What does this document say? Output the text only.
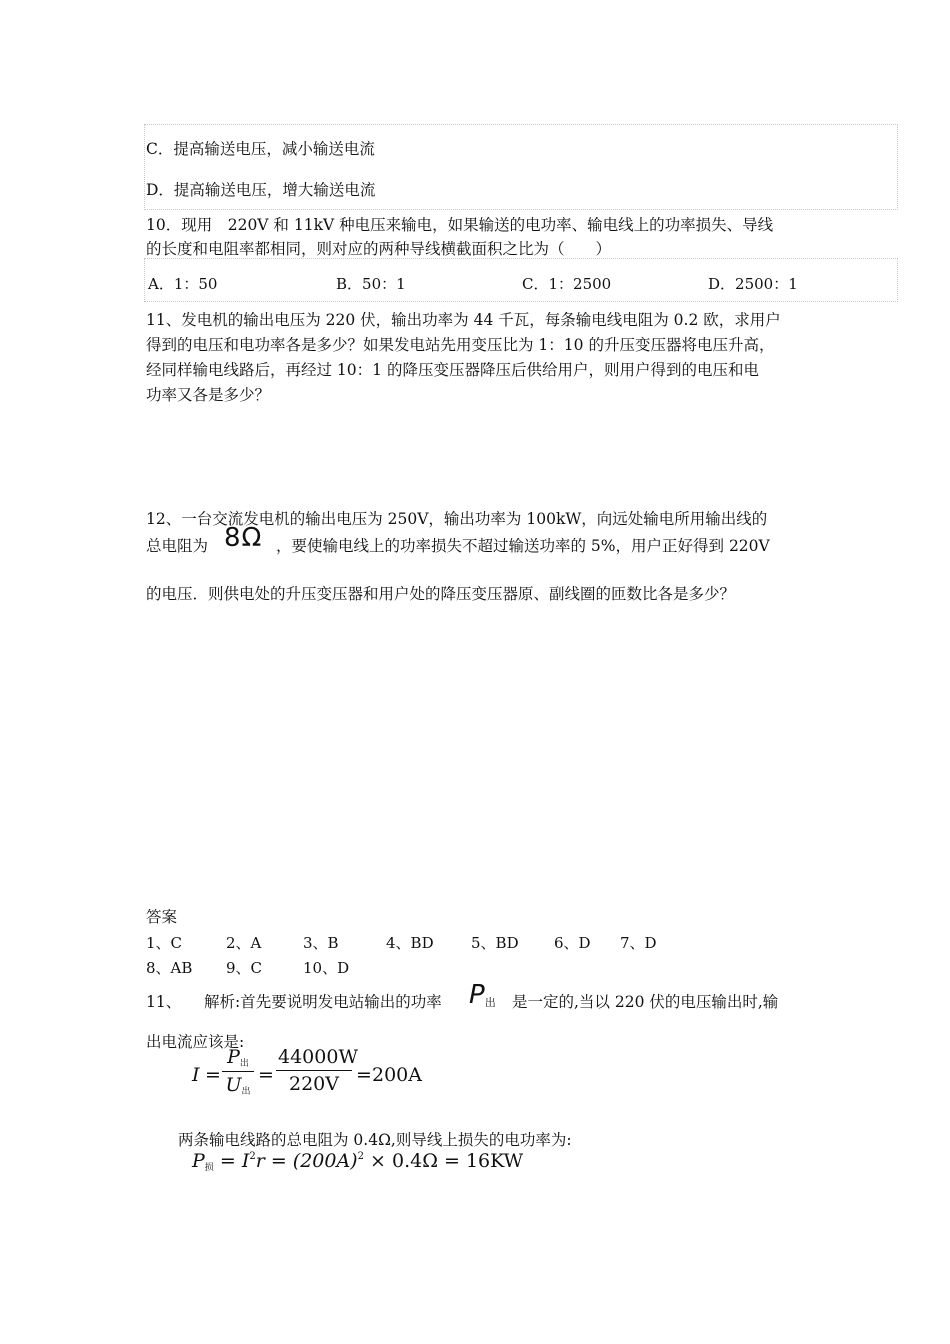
C．提高输送电压，减小输送电流
D．提高输送电压，增大输送电流
10．现用　220V 和 11kV 种电压来输电，如果输送的电功率、输电线上的功率损失、导线
的长度和电阻率都相同，则对应的两种导线横截面积之比为（　　）
A．1：50	B．50：1	C．1：2500	D．2500：1
11、发电机的输出电压为 220 伏，输出功率为 44 千瓦，每条输电线电阻为 0.2 欧，求用户
得到的电压和电功率各是多少？如果发电站先用变压比为 1：10 的升压变压器将电压升高，
经同样输电线路后，再经过 10：1 的降压变压器降压后供给用户，则用户得到的电压和电
功率又各是多少？
12、一台交流发电机的输出电压为 250V，输出功率为 100kW，向远处输电所用输出线的
总电阻为 8Ω ，要使输电线上的功率损失不超过输送功率的 5%，用户正好得到 220V
的电压．则供电处的升压变压器和用户处的降压变压器原、副线圈的匝数比各是多少？
答案
1、C	2、A	3、B	4、BD 5、BD 6、D 7、D
8、AB 9、C	10、D
11、 解析:首先要说明发电站输出的功率 $P_出$ 是一定的,当以 220 伏的电压输出时,输
出电流应该是:
I =
$P_出$
$U_出$
=
44000W
220V = 200A
两条输电线路的总电阻为 0.4Ω,则导线上损失的电功率为:
$P_损 = I^2r = (200A)^2 \times 0.4\Omega = 16KW$
